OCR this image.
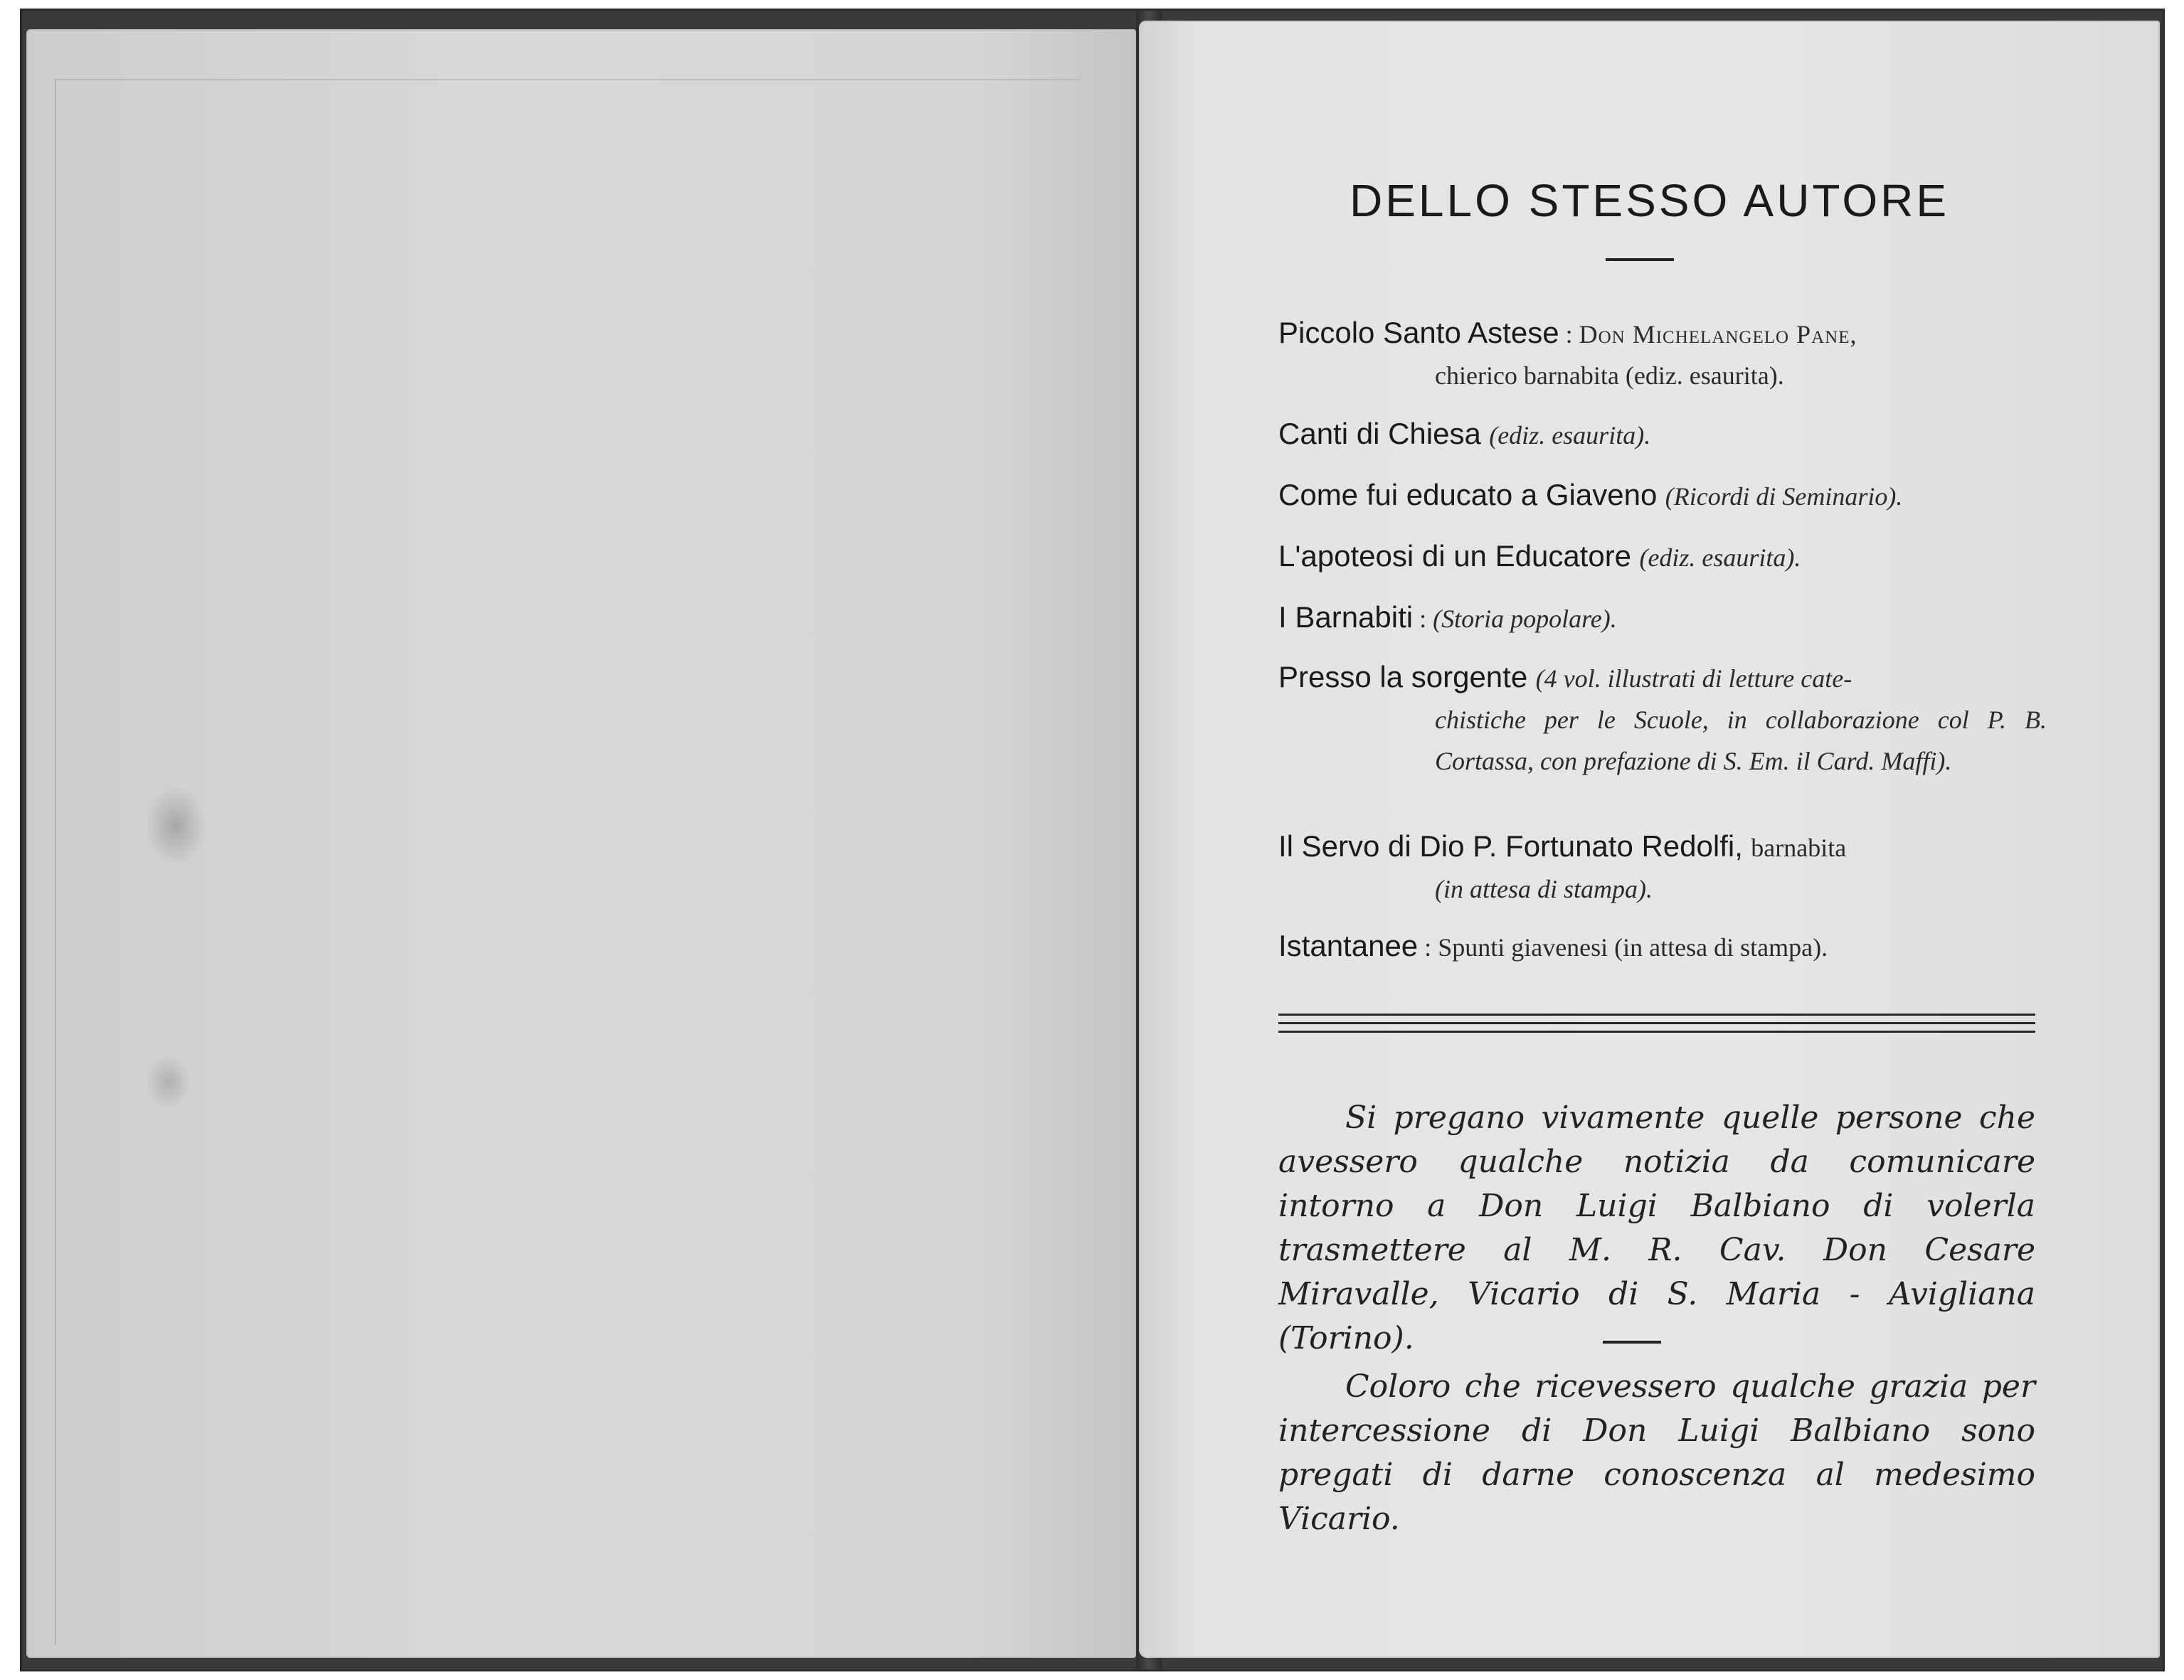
DELLO STESSO AUTORE
Piccolo Santo Astese : Don Michelangelo Pane,
chierico barnabita (ediz. esaurita).
Canti di Chiesa (ediz. esaurita).
Come fui educato a Giaveno (Ricordi di Seminario).
L'apoteosi di un Educatore (ediz. esaurita).
I Barnabiti : (Storia popolare).
Presso la sorgente (4 vol. illustrati di letture cate-
chistiche per le Scuole, in collaborazione col P. B. Cortassa, con prefazione di S. Em. il Card. Maffi).
Il Servo di Dio P. Fortunato Redolfi, barnabita
(in attesa di stampa).
Istantanee : Spunti giavenesi (in attesa di stampa).

Si pregano vivamente quelle persone che avessero qualche notizia da comunicare intorno a Don Luigi Balbiano di volerla trasmettere al M. R. Cav. Don Cesare Miravalle, Vicario di S. Maria - Avigliana (Torino).

Coloro che ricevessero qualche grazia per intercessione di Don Luigi Balbiano sono pregati di darne conoscenza al medesimo Vicario.
